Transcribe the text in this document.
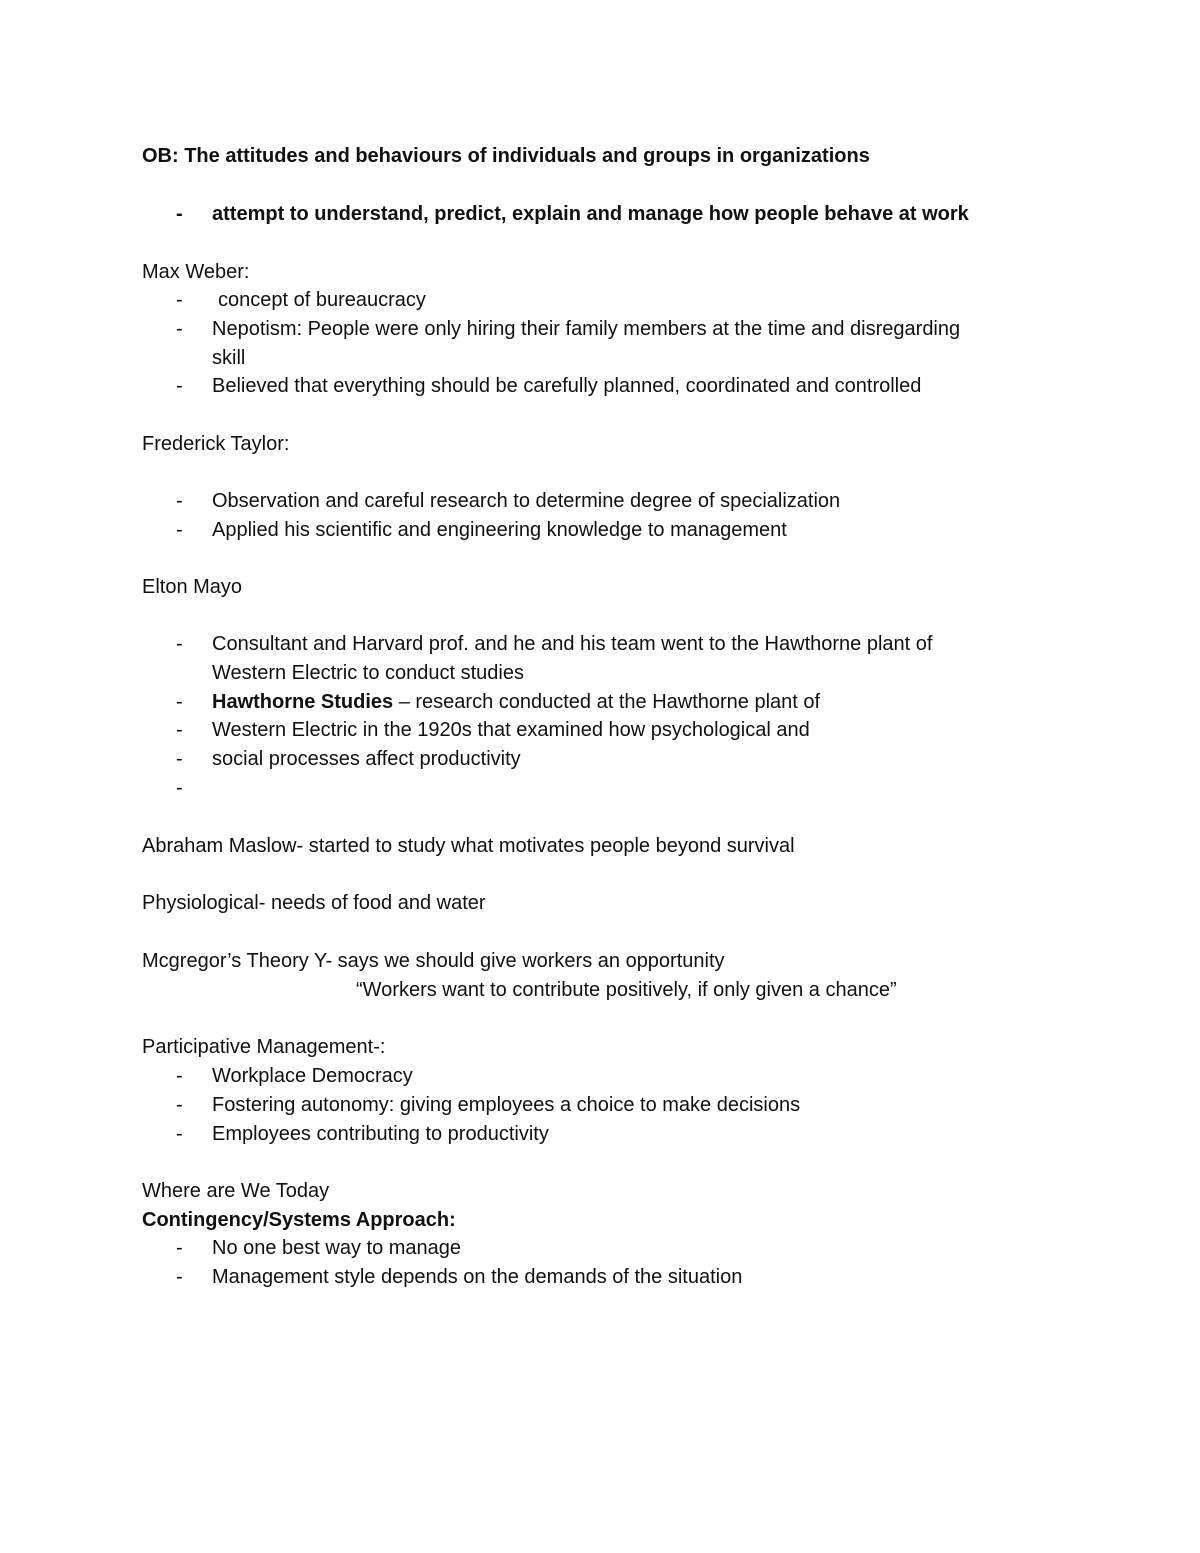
OB: The attitudes and behaviours of individuals and groups in organizations
- attempt to understand, predict, explain and manage how people behave at work
Max Weber:
- concept of bureaucracy
- Nepotism: People were only hiring their family members at the time and disregarding
skill
- Believed that everything should be carefully planned, coordinated and controlled
Frederick Taylor:
- Observation and careful research to determine degree of specialization
- Applied his scientific and engineering knowledge to management
Elton Mayo
- Consultant and Harvard prof. and he and his team went to the Hawthorne plant of
Western Electric to conduct studies
- Hawthorne Studies – research conducted at the Hawthorne plant of
- Western Electric in the 1920s that examined how psychological and
- social processes affect productivity
-
Abraham Maslow- started to study what motivates people beyond survival
Physiological- needs of food and water
Mcgregor’s Theory Y- says we should give workers an opportunity
“Workers want to contribute positively, if only given a chance”
Participative Management-:
- Workplace Democracy
- Fostering autonomy: giving employees a choice to make decisions
- Employees contributing to productivity
Where are We Today
Contingency/Systems Approach:
- No one best way to manage
- Management style depends on the demands of the situation
